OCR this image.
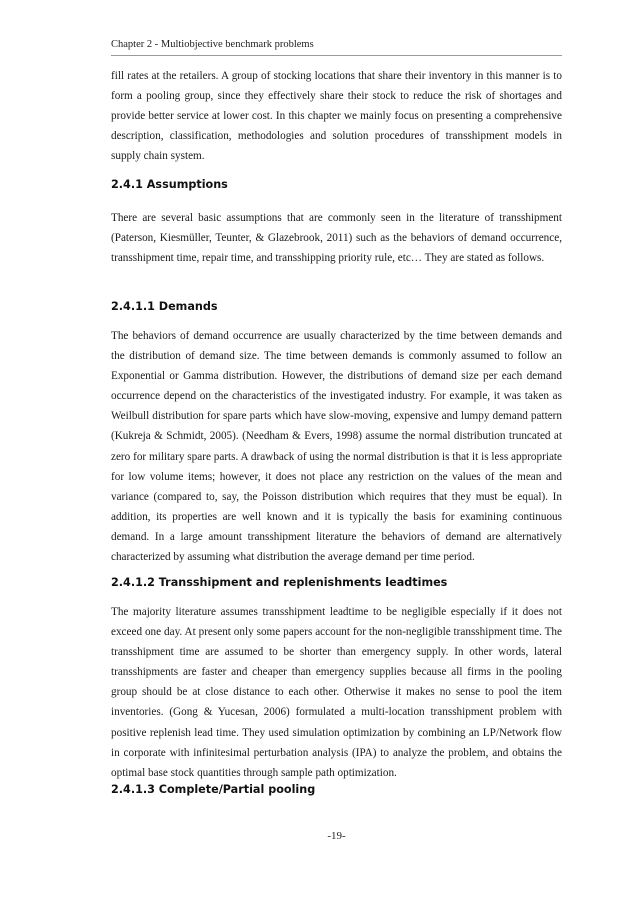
Chapter 2 - Multiobjective benchmark problems

fill rates at the retailers. A group of stocking locations that share their inventory in this manner is to form a pooling group, since they effectively share their stock to reduce the risk of shortages and provide better service at lower cost. In this chapter we mainly focus on presenting a comprehensive description, classification, methodologies and solution procedures of transshipment models in supply chain system.

2.4.1 Assumptions

There are several basic assumptions that are commonly seen in the literature of transshipment (Paterson, Kiesmüller, Teunter, & Glazebrook, 2011) such as the behaviors of demand occurrence, transshipment time, repair time, and transshipping priority rule, etc… They are stated as follows.

2.4.1.1 Demands

The behaviors of demand occurrence are usually characterized by the time between demands and the distribution of demand size. The time between demands is commonly assumed to follow an Exponential or Gamma distribution. However, the distributions of demand size per each demand occurrence depend on the characteristics of the investigated industry. For example, it was taken as Weilbull distribution for spare parts which have slow-moving, expensive and lumpy demand pattern (Kukreja & Schmidt, 2005). (Needham & Evers, 1998) assume the normal distribution truncated at zero for military spare parts. A drawback of using the normal distribution is that it is less appropriate for low volume items; however, it does not place any restriction on the values of the mean and variance (compared to, say, the Poisson distribution which requires that they must be equal). In addition, its properties are well known and it is typically the basis for examining continuous demand. In a large amount transshipment literature the behaviors of demand are alternatively characterized by assuming what distribution the average demand per time period.

2.4.1.2 Transshipment and replenishments leadtimes

The majority literature assumes transshipment leadtime to be negligible especially if it does not exceed one day. At present only some papers account for the non-negligible transshipment time. The transshipment time are assumed to be shorter than emergency supply. In other words, lateral transshipments are faster and cheaper than emergency supplies because all firms in the pooling group should be at close distance to each other. Otherwise it makes no sense to pool the item inventories. (Gong & Yucesan, 2006) formulated a multi-location transshipment problem with positive replenish lead time. They used simulation optimization by combining an LP/Network flow in corporate with infinitesimal perturbation analysis (IPA) to analyze the problem, and obtains the optimal base stock quantities through sample path optimization.

2.4.1.3 Complete/Partial pooling
-19-
